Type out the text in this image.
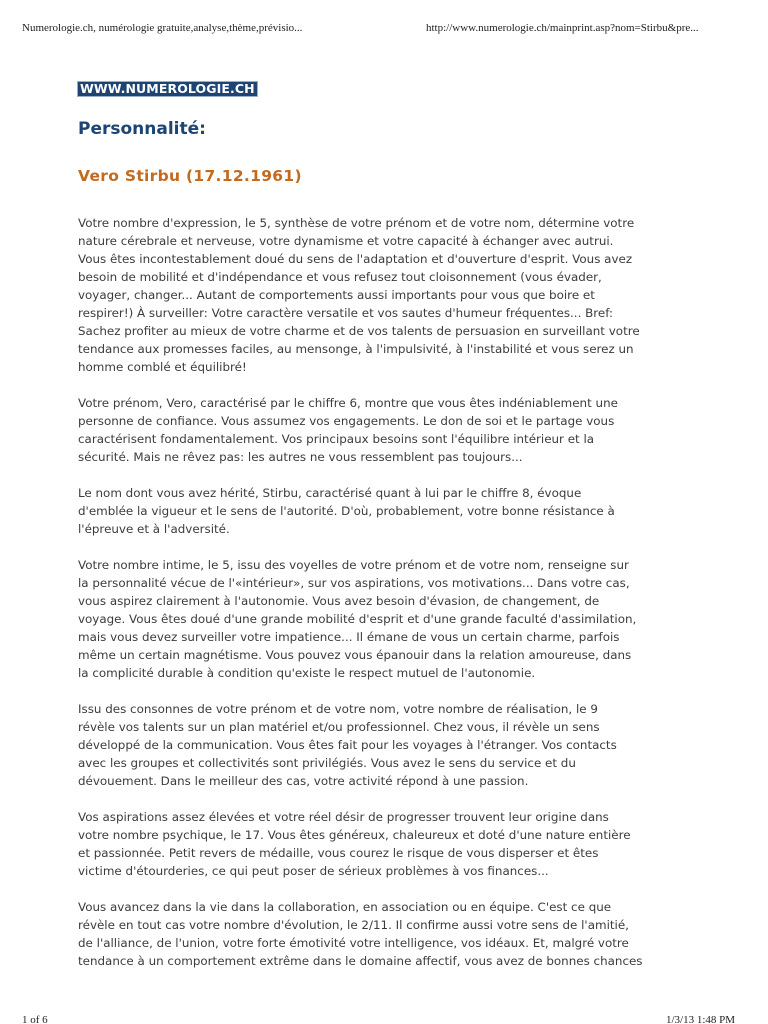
Numerologie.ch, numérologie gratuite,analyse,thème,prévisio...	http://www.numerologie.ch/mainprint.asp?nom=Stirbu&pre...
WWW.NUMEROLOGIE.CH
Personnalité:
Vero Stirbu (17.12.1961)

Votre nombre d'expression, le 5, synthèse de votre prénom et de votre nom, détermine votre
nature cérebrale et nerveuse, votre dynamisme et votre capacité à échanger avec autrui.
Vous êtes incontestablement doué du sens de l'adaptation et d'ouverture d'esprit. Vous avez
besoin de mobilité et d'indépendance et vous refusez tout cloisonnement (vous évader,
voyager, changer... Autant de comportements aussi importants pour vous que boire et
respirer!) À surveiller: Votre caractère versatile et vos sautes d'humeur fréquentes... Bref:
Sachez profiter au mieux de votre charme et de vos talents de persuasion en surveillant votre
tendance aux promesses faciles, au mensonge, à l'impulsivité, à l'instabilité et vous serez un
homme comblé et équilibré!

Votre prénom, Vero, caractérisé par le chiffre 6, montre que vous êtes indéniablement une
personne de confiance. Vous assumez vos engagements. Le don de soi et le partage vous
caractérisent fondamentalement. Vos principaux besoins sont l'équilibre intérieur et la
sécurité. Mais ne rêvez pas: les autres ne vous ressemblent pas toujours...

Le nom dont vous avez hérité, Stirbu, caractérisé quant à lui par le chiffre 8, évoque
d'emblée la vigueur et le sens de l'autorité. D'où, probablement, votre bonne résistance à
l'épreuve et à l'adversité.

Votre nombre intime, le 5, issu des voyelles de votre prénom et de votre nom, renseigne sur
la personnalité vécue de l'«intérieur», sur vos aspirations, vos motivations... Dans votre cas,
vous aspirez clairement à l'autonomie. Vous avez besoin d'évasion, de changement, de
voyage. Vous êtes doué d'une grande mobilité d'esprit et d'une grande faculté d'assimilation,
mais vous devez surveiller votre impatience... Il émane de vous un certain charme, parfois
même un certain magnétisme. Vous pouvez vous épanouir dans la relation amoureuse, dans
la complicité durable à condition qu'existe le respect mutuel de l'autonomie.

Issu des consonnes de votre prénom et de votre nom, votre nombre de réalisation, le 9
révèle vos talents sur un plan matériel et/ou professionnel. Chez vous, il révèle un sens
développé de la communication. Vous êtes fait pour les voyages à l'étranger. Vos contacts
avec les groupes et collectivités sont privilégiés. Vous avez le sens du service et du
dévouement. Dans le meilleur des cas, votre activité répond à une passion.

Vos aspirations assez élevées et votre réel désir de progresser trouvent leur origine dans
votre nombre psychique, le 17. Vous êtes généreux, chaleureux et doté d'une nature entière
et passionnée. Petit revers de médaille, vous courez le risque de vous disperser et êtes
victime d'étourderies, ce qui peut poser de sérieux problèmes à vos finances...

Vous avancez dans la vie dans la collaboration, en association ou en équipe. C'est ce que
révèle en tout cas votre nombre d'évolution, le 2/11. Il confirme aussi votre sens de l'amitié,
de l'alliance, de l'union, votre forte émotivité votre intelligence, vos idéaux. Et, malgré votre
tendance à un comportement extrême dans le domaine affectif, vous avez de bonnes chances

1 of 6	1/3/13 1:48 PM
